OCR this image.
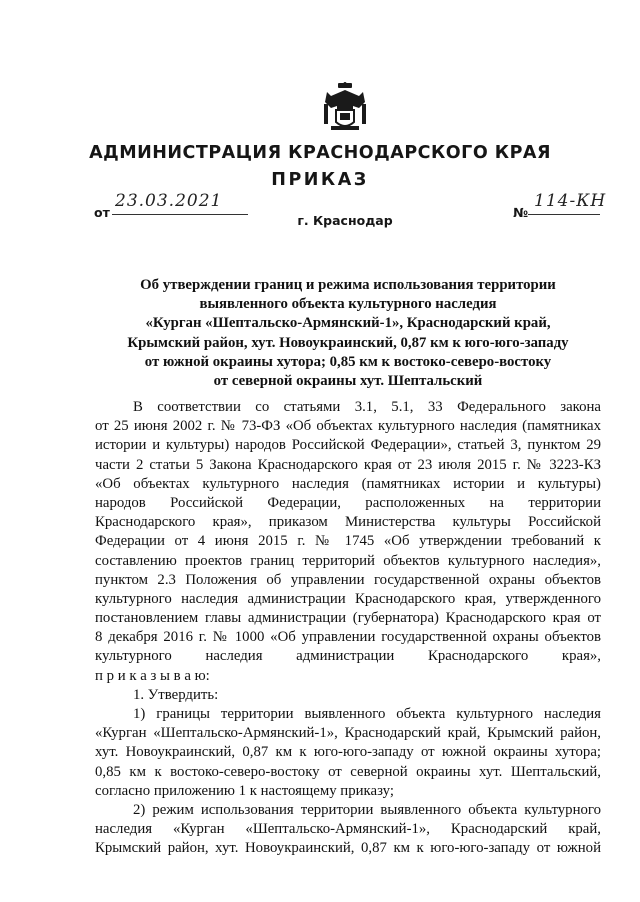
АДМИНИСТРАЦИЯ КРАСНОДАРСКОГО КРАЯ
ПРИКАЗ
от
23.03.2021
№
114-КН
г. Краснодар
Об утверждении границ и режима использования территории
выявленного объекта культурного наследия
«Курган «Шептальско-Армянский-1», Краснодарский край,
Крымский район, хут. Новоукраинский, 0,87 км к юго-юго-западу
от южной окраины хутора; 0,85 км к востоко-северо-востоку
от северной окраины хут. Шептальский
В соответствии со статьями 3.1, 5.1, 33 Федерального закона
от 25 июня 2002 г. № 73-ФЗ «Об объектах культурного наследия (памятниках
истории и культуры) народов Российской Федерации», статьей 3, пунктом 29
части 2 статьи 5 Закона Краснодарского края от 23 июля 2015 г. № 3223-КЗ
«Об объектах культурного наследия (памятниках истории и культуры)
народов Российской Федерации, расположенных на территории
Краснодарского края», приказом Министерства культуры Российской
Федерации от 4 июня 2015 г. № 1745 «Об утверждении требований к
составлению проектов границ территорий объектов культурного наследия»,
пунктом 2.3 Положения об управлении государственной охраны объектов
культурного наследия администрации Краснодарского края, утвержденного
постановлением главы администрации (губернатора) Краснодарского края от
8 декабря 2016 г. № 1000 «Об управлении государственной охраны объектов
культурного наследия администрации Краснодарского края»,
п р и к а з ы в а ю:
1. Утвердить:
1) границы территории выявленного объекта культурного наследия
«Курган «Шептальско-Армянский-1», Краснодарский край, Крымский район,
хут. Новоукраинский, 0,87 км к юго-юго-западу от южной окраины хутора;
0,85 км к востоко-северо-востоку от северной окраины хут. Шептальский,
согласно приложению 1 к настоящему приказу;
2) режим использования территории выявленного объекта культурного
наследия «Курган «Шептальско-Армянский-1», Краснодарский край,
Крымский район, хут. Новоукраинский, 0,87 км к юго-юго-западу от южной
